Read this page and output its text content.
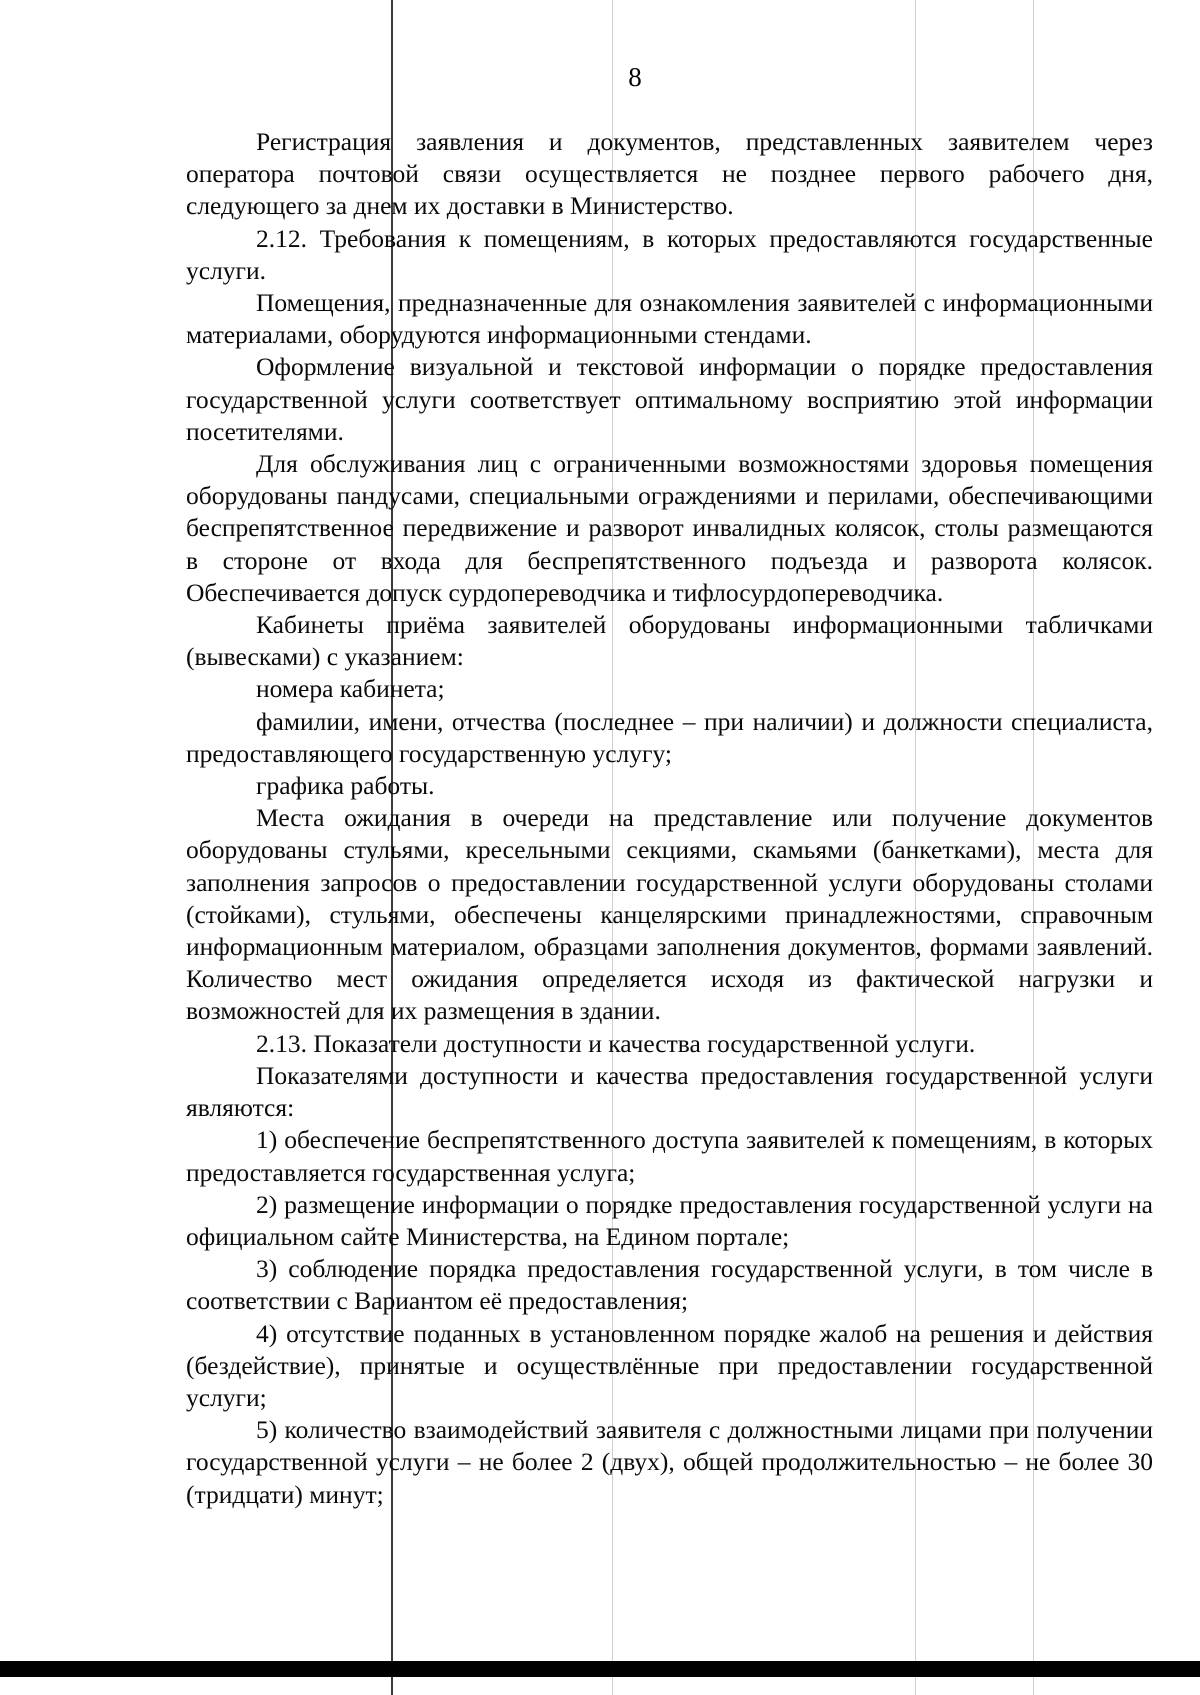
8

Регистрация заявления и документов, представленных заявителем через оператора почтовой связи осуществляется не позднее первого рабочего дня, следующего за днем их доставки в Министерство.

2.12. Требования к помещениям, в которых предоставляются государственные услуги.

Помещения, предназначенные для ознакомления заявителей с информационными материалами, оборудуются информационными стендами.

Оформление визуальной и текстовой информации о порядке предоставления государственной услуги соответствует оптимальному восприятию этой информации посетителями.

Для обслуживания лиц с ограниченными возможностями здоровья помещения оборудованы пандусами, специальными ограждениями и перилами, обеспечивающими беспрепятственное передвижение и разворот инвалидных колясок, столы размещаются в стороне от входа для беспрепятственного подъезда и разворота колясок. Обеспечивается допуск сурдопереводчика и тифлосурдопереводчика.

Кабинеты приёма заявителей оборудованы информационными табличками (вывесками) с указанием:

номера кабинета;

фамилии, имени, отчества (последнее – при наличии) и должности специалиста, предоставляющего государственную услугу;

графика работы.

Места ожидания в очереди на представление или получение документов оборудованы стульями, кресельными секциями, скамьями (банкетками), места для заполнения запросов о предоставлении государственной услуги оборудованы столами (стойками), стульями, обеспечены канцелярскими принадлежностями, справочным информационным материалом, образцами заполнения документов, формами заявлений. Количество мест ожидания определяется исходя из фактической нагрузки и возможностей для их размещения в здании.

2.13. Показатели доступности и качества государственной услуги.

Показателями доступности и качества предоставления государственной услуги являются:

1) обеспечение беспрепятственного доступа заявителей к помещениям, в которых предоставляется государственная услуга;

2) размещение информации о порядке предоставления государственной услуги на официальном сайте Министерства, на Едином портале;

3) соблюдение порядка предоставления государственной услуги, в том числе в соответствии с Вариантом её предоставления;

4) отсутствие поданных в установленном порядке жалоб на решения и действия (бездействие), принятые и осуществлённые при предоставлении государственной услуги;

5) количество взаимодействий заявителя с должностными лицами при получении государственной услуги – не более 2 (двух), общей продолжительностью – не более 30 (тридцати) минут;
